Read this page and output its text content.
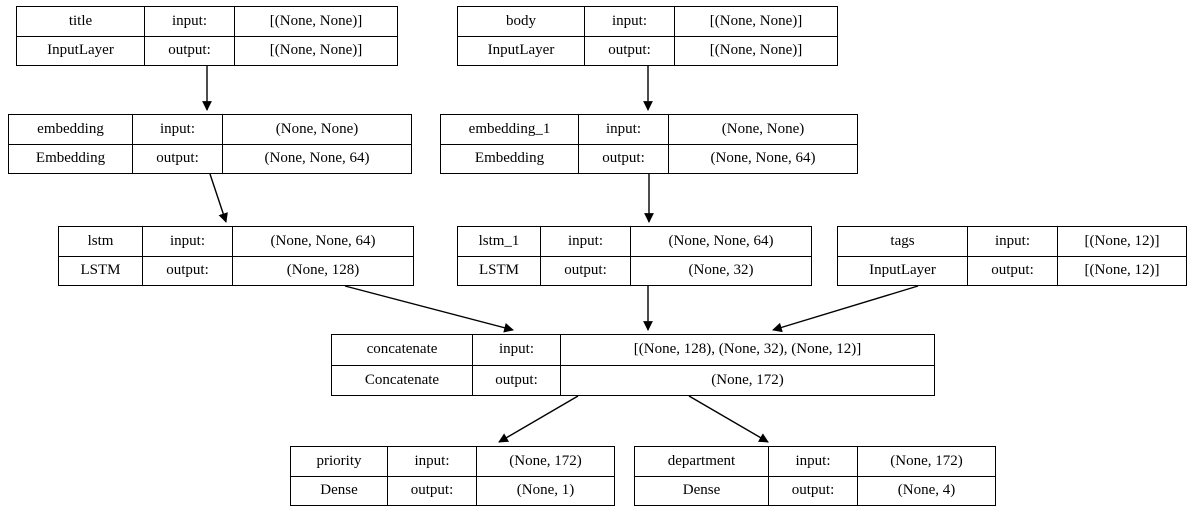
title	input:	[(None, None)]
InputLayer	output:	[(None, None)]
body	input:	[(None, None)]
InputLayer	output:	[(None, None)]
embedding	input:	(None, None)
Embedding	output:	(None, None, 64)
embedding_1	input:	(None, None)
Embedding	output:	(None, None, 64)
lstm	input:	(None, None, 64)
LSTM	output:	(None, 128)
lstm_1	input:	(None, None, 64)
LSTM	output:	(None, 32)
tags	input:	[(None, 12)]
InputLayer	output:	[(None, 12)]
concatenate	input:	[(None, 128), (None, 32), (None, 12)]
Concatenate	output:	(None, 172)
priority	input:	(None, 172)
Dense	output:	(None, 1)
department	input:	(None, 172)
Dense	output:	(None, 4)
